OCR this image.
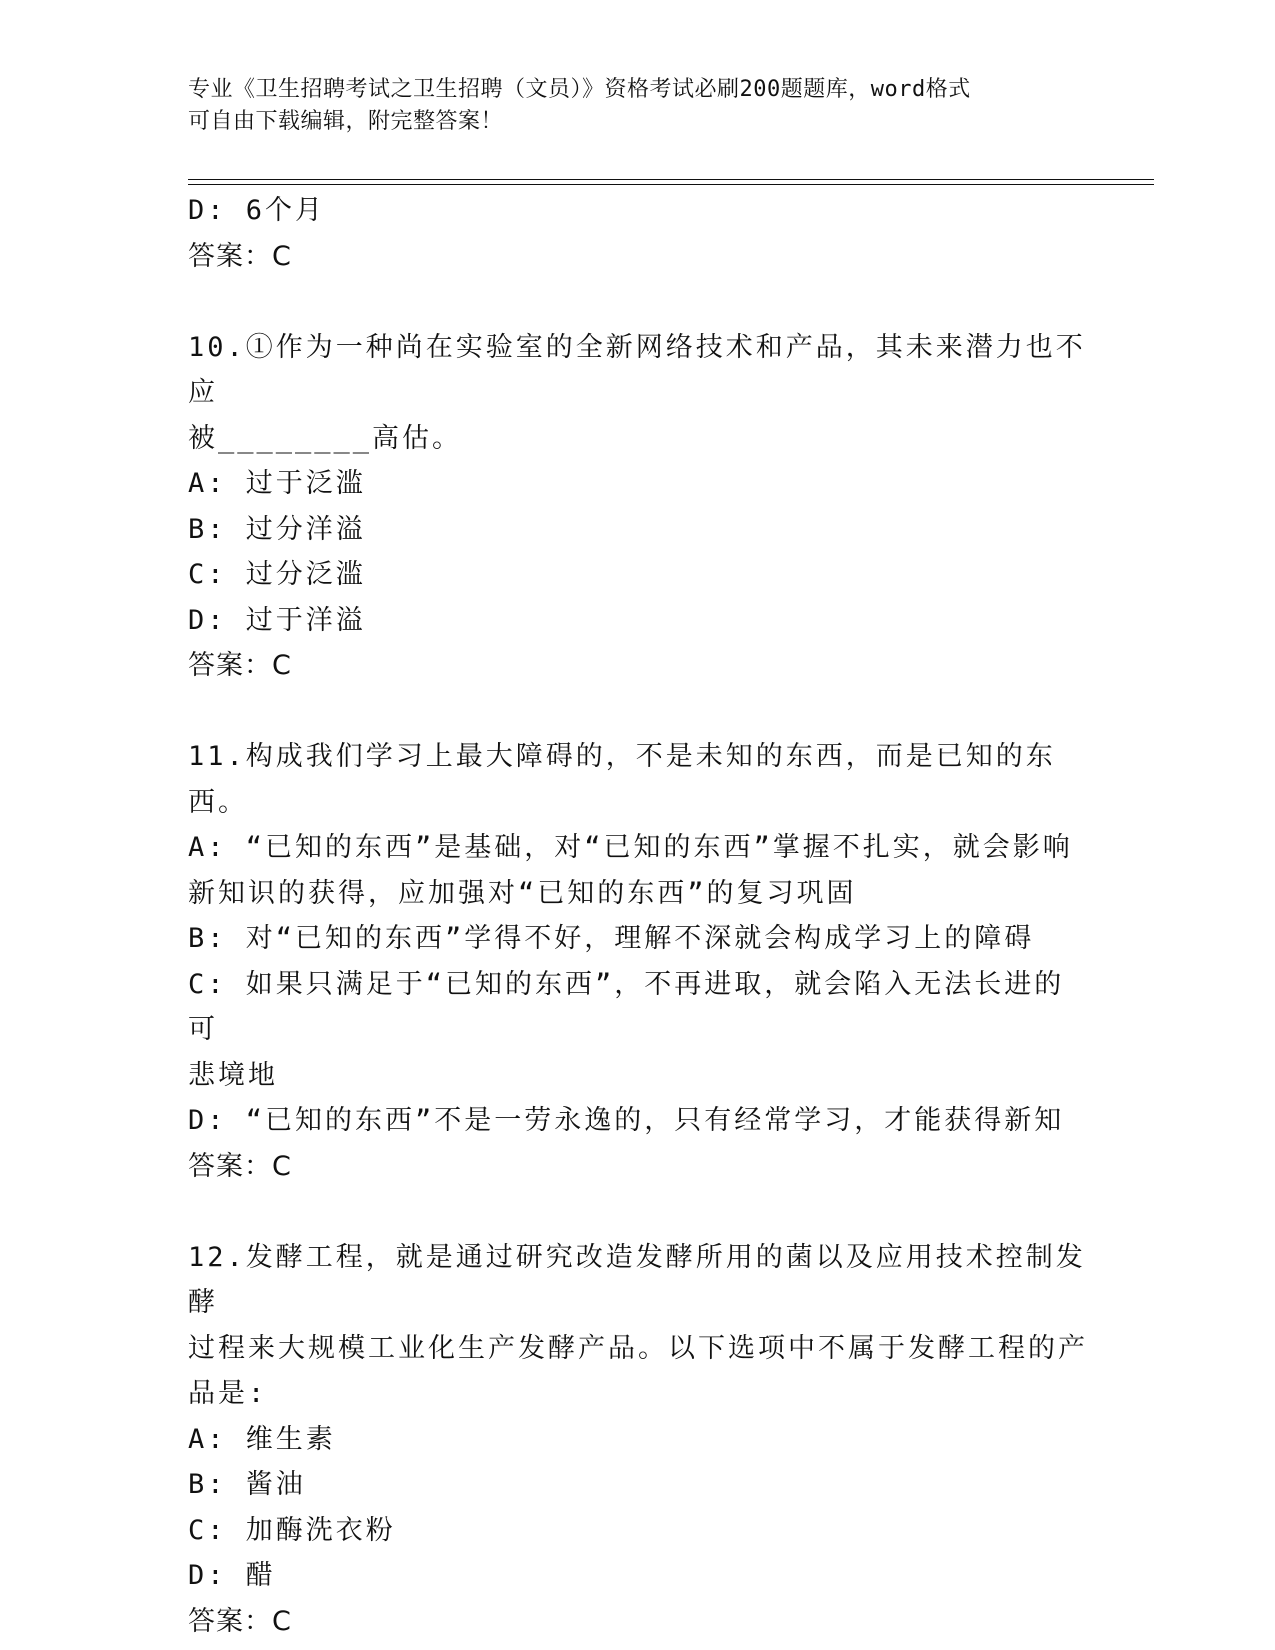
专业《卫生招聘考试之卫生招聘（文员）》资格考试必刷200题题库，word格式
可自由下载编辑，附完整答案！
D: 6个月
答案：C
10.①作为一种尚在实验室的全新网络技术和产品，其未来潜力也不应
被________高估。
A: 过于泛滥
B: 过分洋溢
C: 过分泛滥
D: 过于洋溢
答案：C
11.构成我们学习上最大障碍的，不是未知的东西，而是已知的东西。
A: “已知的东西”是基础，对“已知的东西”掌握不扎实，就会影响
新知识的获得，应加强对“已知的东西”的复习巩固
B: 对“已知的东西”学得不好，理解不深就会构成学习上的障碍
C: 如果只满足于“已知的东西”，不再进取，就会陷入无法长进的可
悲境地
D: “已知的东西”不是一劳永逸的，只有经常学习，才能获得新知
答案：C
12.发酵工程，就是通过研究改造发酵所用的菌以及应用技术控制发酵
过程来大规模工业化生产发酵产品。以下选项中不属于发酵工程的产
品是:
A: 维生素
B: 酱油
C: 加酶洗衣粉
D: 醋
答案：C
